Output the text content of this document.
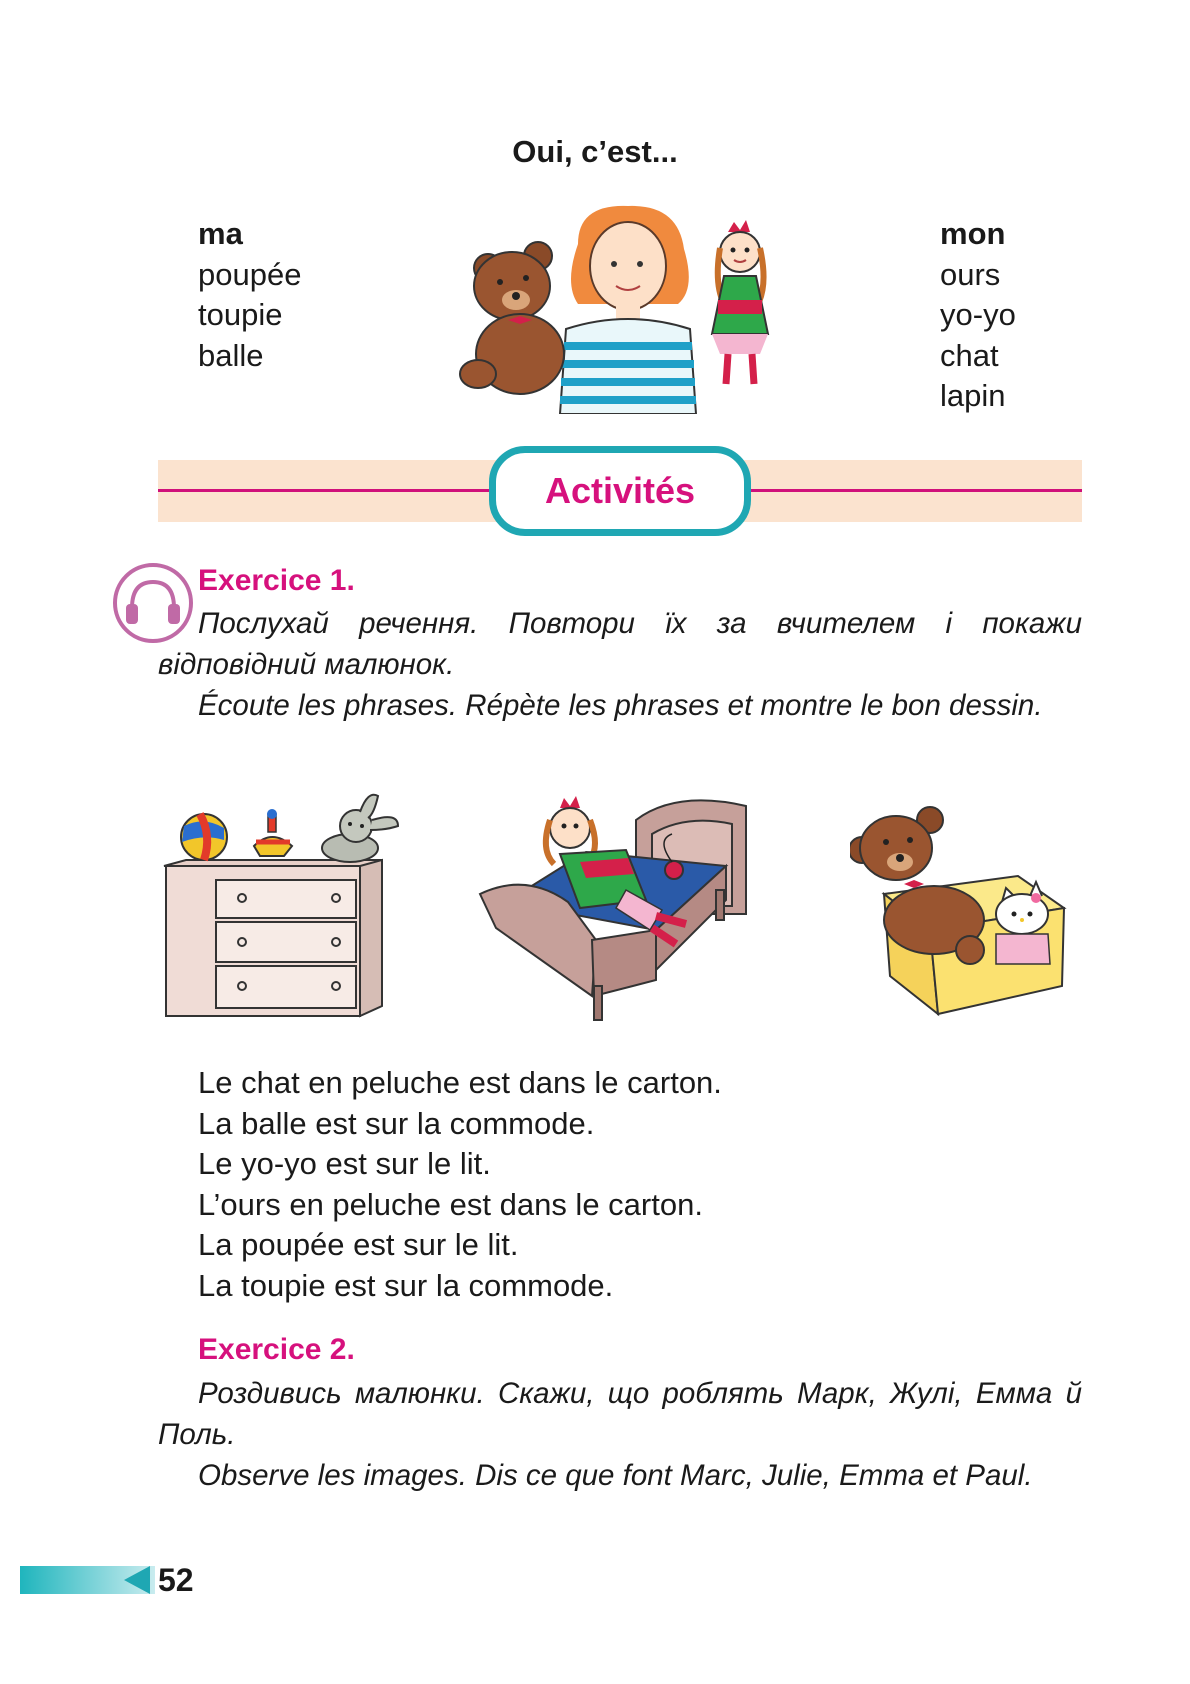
Oui, c’est...
ma
poupée
toupie
balle
mon
ours
yo-yo
chat
lapin
Activités
Exercice 1.
Послухай речення. Повтори їх за вчителем і покажи відповідний малюнок.
Écoute les phrases. Répète les phrases et montre le bon dessin.
Le chat en peluche est dans le carton.
La balle est sur la commode.
Le yo-yo est sur le lit.
L’ours en peluche est dans le carton.
La poupée est sur le lit.
La toupie est sur la commode.
Exercice 2.
Роздивись малюнки. Скажи, що роблять Марк, Жулі, Емма й Поль.
Observe les images. Dis ce que font Marc, Julie, Emma et Paul.
52
